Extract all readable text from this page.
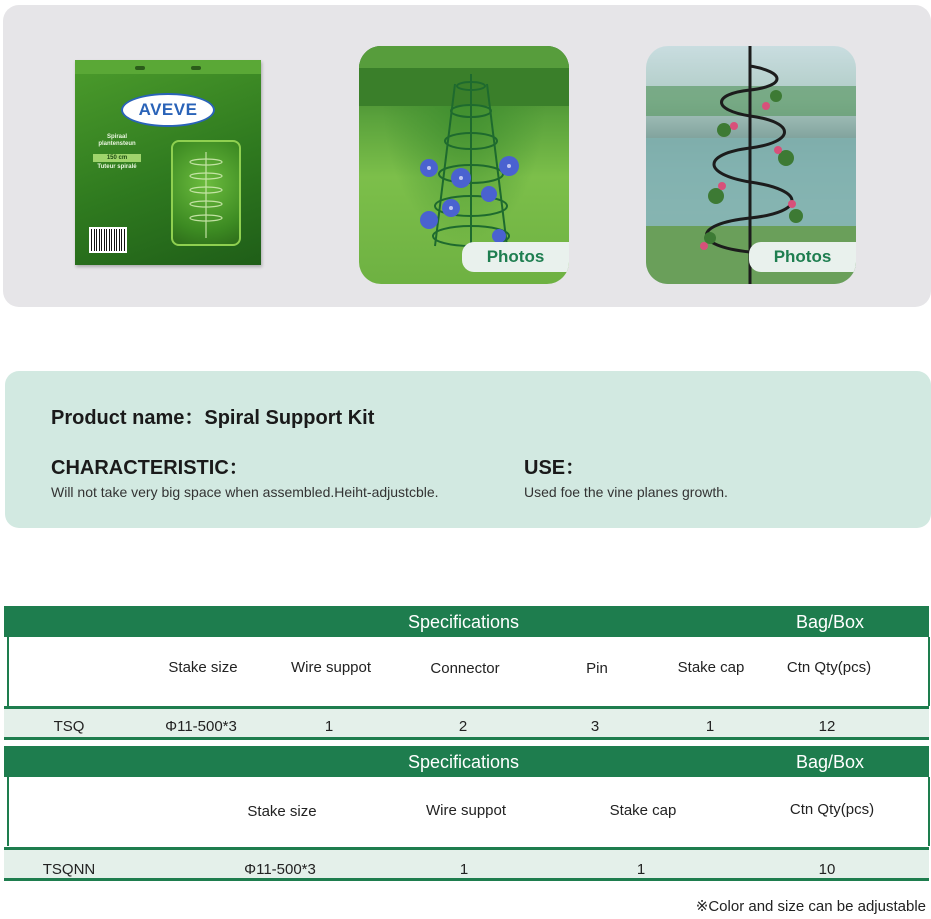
AVEVE
Spiraal
plantensteun
150 cm
Tuteur spiralé
Photos	Photos
Product name：Spiral Support Kit
CHARACTERISTIC：
Will not take very big space when assembled.Heiht-adjustcble.
USE：
Used foe the vine planes growth.
Specifications	Bag/Box
Stake size	Wire suppot	Connector	Pin	Stake cap	Ctn Qty(pcs)
TSQ	Φ11-500*3	1	2	3	1	12
Specifications	Bag/Box
Stake size	Wire suppot	Stake cap	Ctn Qty(pcs)
TSQNN	Φ11-500*3	1	1	10
※Color and size can be adjustable
